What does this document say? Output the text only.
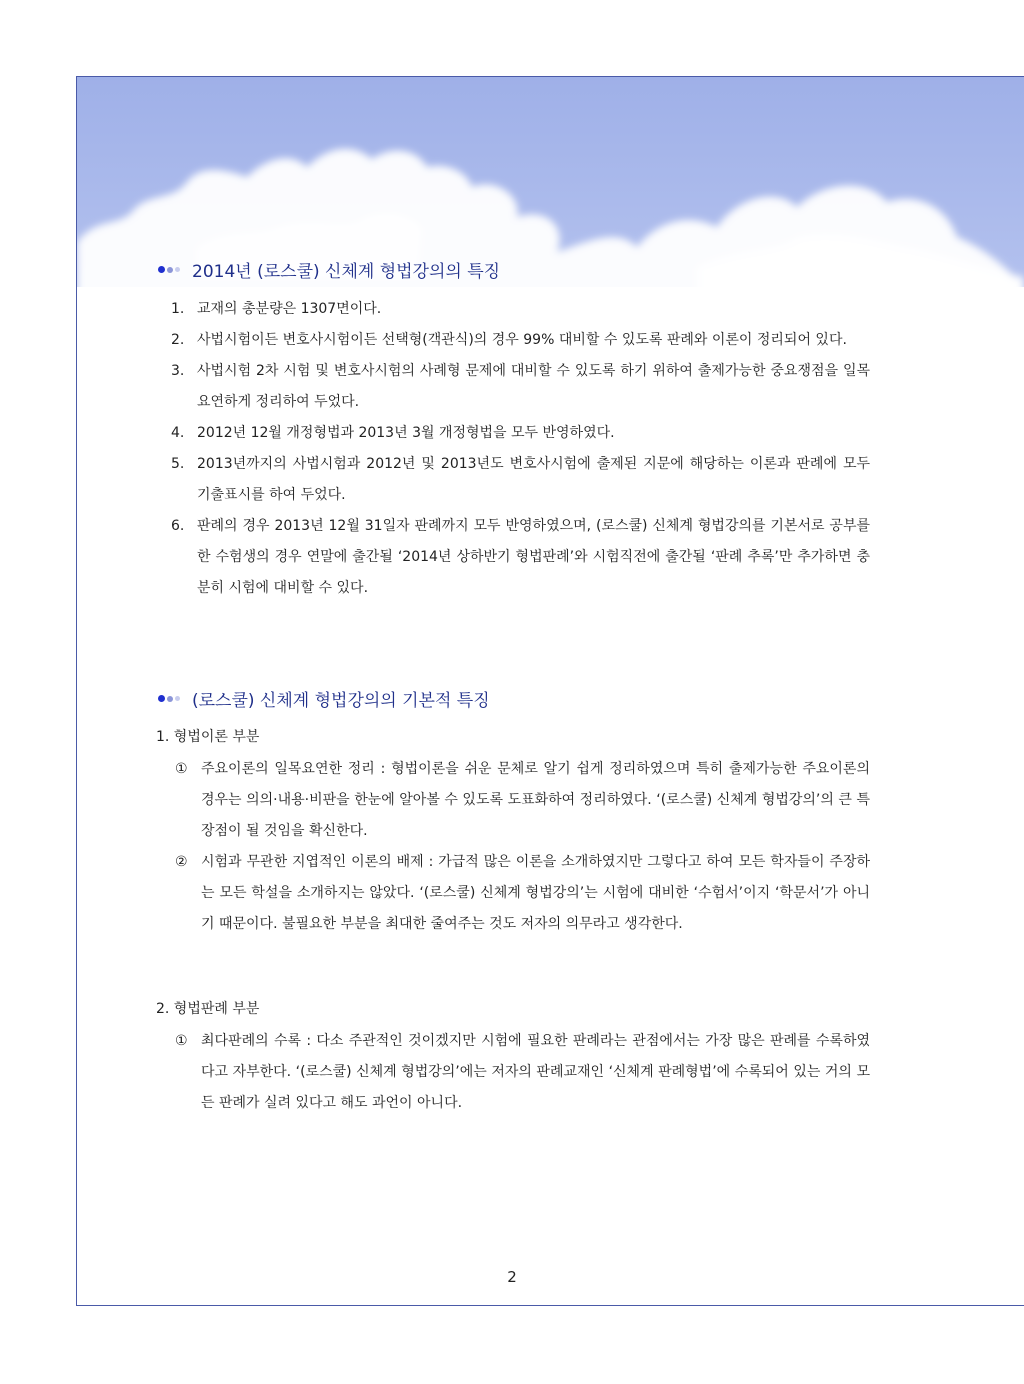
2014년 (로스쿨) 신체계 형법강의의 특징
1. 교재의 총분량은 1307면이다.
2. 사법시험이든 변호사시험이든 선택형(객관식)의 경우 99% 대비할 수 있도록 판례와 이론이 정리되어 있다.
3. 사법시험 2차 시험 및 변호사시험의 사례형 문제에 대비할 수 있도록 하기 위하여 출제가능한 중요쟁점을 일목요연하게 정리하여 두었다.
4. 2012년 12월 개정형법과 2013년 3월 개정형법을 모두 반영하였다.
5. 2013년까지의 사법시험과 2012년 및 2013년도 변호사시험에 출제된 지문에 해당하는 이론과 판례에 모두 기출표시를 하여 두었다.
6. 판례의 경우 2013년 12월 31일자 판례까지 모두 반영하였으며, (로스쿨) 신체계 형법강의를 기본서로 공부를 한 수험생의 경우 연말에 출간될 ‘2014년 상하반기 형법판례’와 시험직전에 출간될 ‘판례 추록’만 추가하면 충분히 시험에 대비할 수 있다.
(로스쿨) 신체계 형법강의의 기본적 특징
1. 형법이론 부분
① 주요이론의 일목요연한 정리 : 형법이론을 쉬운 문체로 알기 쉽게 정리하였으며 특히 출제가능한 주요이론의 경우는 의의·내용·비판을 한눈에 알아볼 수 있도록 도표화하여 정리하였다. ‘(로스쿨) 신체계 형법강의’의 큰 특장점이 될 것임을 확신한다.
② 시험과 무관한 지엽적인 이론의 배제 : 가급적 많은 이론을 소개하였지만 그렇다고 하여 모든 학자들이 주장하는 모든 학설을 소개하지는 않았다. ‘(로스쿨) 신체계 형법강의’는 시험에 대비한 ‘수험서’이지 ‘학문서’가 아니기 때문이다. 불필요한 부분을 최대한 줄여주는 것도 저자의 의무라고 생각한다.
2. 형법판례 부분
① 최다판례의 수록 : 다소 주관적인 것이겠지만 시험에 필요한 판례라는 관점에서는 가장 많은 판례를 수록하였다고 자부한다. ‘(로스쿨) 신체계 형법강의’에는 저자의 판례교재인 ‘신체계 판례형법’에 수록되어 있는 거의 모든 판례가 실려 있다고 해도 과언이 아니다.
2
